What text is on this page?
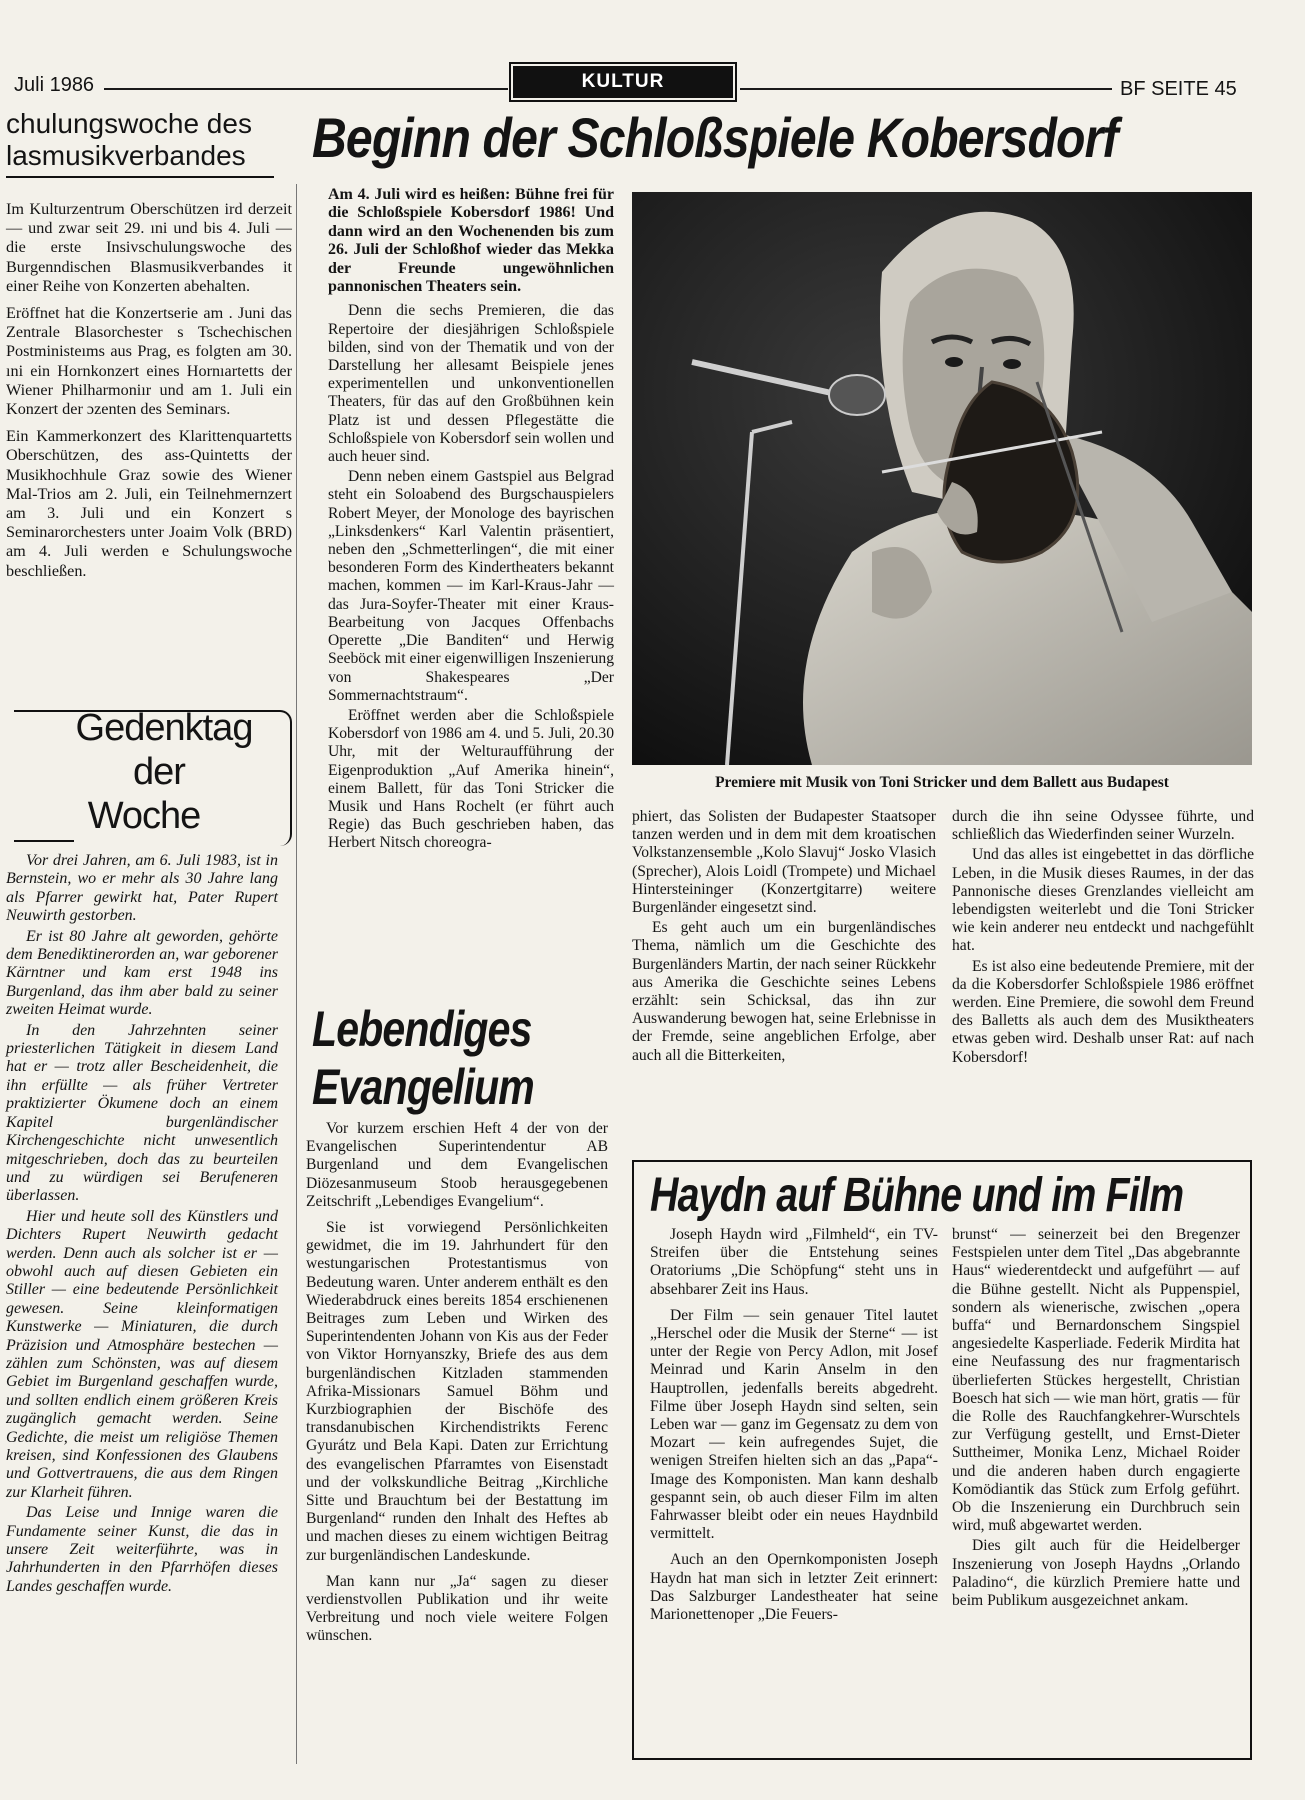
Juli 1986	KULTUR	BF SEITE 45
chulungswoche des
lasmusikverbandes

Im Kulturzentrum Oberschützen ird derzeit — und zwar seit 29. ıni und bis 4. Juli — die erste Insivschulungswoche des Burgenndischen Blasmusikverbandes it einer Reihe von Konzerten abehalten.

Eröffnet hat die Konzertserie am . Juni das Zentrale Blasorchester s Tschechischen Postministeıms aus Prag, es folgten am 30. ıni ein Hornkonzert eines Hornıartetts der Wiener Philharmoniır und am 1. Juli ein Konzert der ɔzenten des Seminars.

Ein Kammerkonzert des Klarittenquartetts Oberschützen, des ass-Quintetts der Musikhochhule Graz sowie des Wiener Mal-Trios am 2. Juli, ein Teilnehmernzert am 3. Juli und ein Konzert s Seminarorchesters unter Joaim Volk (BRD) am 4. Juli werden e Schulungswoche beschließen.

Gedenktag
der
Woche

Vor drei Jahren, am 6. Juli 1983, ist in Bernstein, wo er mehr als 30 Jahre lang als Pfarrer gewirkt hat, Pater Rupert Neuwirth gestorben.

Er ist 80 Jahre alt geworden, gehörte dem Benediktinerorden an, war geborener Kärntner und kam erst 1948 ins Burgenland, das ihm aber bald zu seiner zweiten Heimat wurde.

In den Jahrzehnten seiner priesterlichen Tätigkeit in diesem Land hat er — trotz aller Bescheidenheit, die ihn erfüllte — als früher Vertreter praktizierter Ökumene doch an einem Kapitel burgenländischer Kirchengeschichte nicht unwesentlich mitgeschrieben, doch das zu beurteilen und zu würdigen sei Berufeneren überlassen.

Hier und heute soll des Künstlers und Dichters Rupert Neuwirth gedacht werden. Denn auch als solcher ist er — obwohl auch auf diesen Gebieten ein Stiller — eine bedeutende Persönlichkeit gewesen. Seine kleinformatigen Kunstwerke — Miniaturen, die durch Präzision und Atmosphäre bestechen — zählen zum Schönsten, was auf diesem Gebiet im Burgenland geschaffen wurde, und sollten endlich einem größeren Kreis zugänglich gemacht werden. Seine Gedichte, die meist um religiöse Themen kreisen, sind Konfessionen des Glaubens und Gottvertrauens, die aus dem Ringen zur Klarheit führen.

Das Leise und Innige waren die Fundamente seiner Kunst, die das in unsere Zeit weiterführte, was in Jahrhunderten in den Pfarrhöfen dieses Landes geschaffen wurde.

Beginn der Schloßspiele Kobersdorf

Am 4. Juli wird es heißen: Bühne frei für die Schloßspiele Kobersdorf 1986! Und dann wird an den Wochenenden bis zum 26. Juli der Schloßhof wieder das Mekka der Freunde ungewöhnlichen pannonischen Theaters sein.

Denn die sechs Premieren, die das Repertoire der diesjährigen Schloßspiele bilden, sind von der Thematik und von der Darstellung her allesamt Beispiele jenes experimentellen und unkonventionellen Theaters, für das auf den Großbühnen kein Platz ist und dessen Pflegestätte die Schloßspiele von Kobersdorf sein wollen und auch heuer sind.

Denn neben einem Gastspiel aus Belgrad steht ein Soloabend des Burgschauspielers Robert Meyer, der Monologe des bayrischen „Linksdenkers“ Karl Valentin präsentiert, neben den „Schmetterlingen“, die mit einer besonderen Form des Kindertheaters bekannt machen, kommen — im Karl-Kraus-Jahr — das Jura-Soyfer-Theater mit einer Kraus-Bearbeitung von Jacques Offenbachs Operette „Die Banditen“ und Herwig Seeböck mit einer eigenwilligen Inszenierung von Shakespeares „Der Sommernachtstraum“.

Eröffnet werden aber die Schloßspiele Kobersdorf von 1986 am 4. und 5. Juli, 20.30 Uhr, mit der Welturaufführung der Eigenproduktion „Auf Amerika hinein“, einem Ballett, für das Toni Stricker die Musik und Hans Rochelt (er führt auch Regie) das Buch geschrieben haben, das Herbert Nitsch choreogra-

Premiere mit Musik von Toni Stricker und dem Ballett aus Budapest

phiert, das Solisten der Budapester Staatsoper tanzen werden und in dem mit dem kroatischen Volkstanzensemble „Kolo Slavuj“ Josko Vlasich (Sprecher), Alois Loidl (Trompete) und Michael Hintersteininger (Konzertgitarre) weitere Burgenländer eingesetzt sind.

Es geht auch um ein burgenländisches Thema, nämlich um die Geschichte des Burgenländers Martin, der nach seiner Rückkehr aus Amerika die Geschichte seines Lebens erzählt: sein Schicksal, das ihn zur Auswanderung bewogen hat, seine Erlebnisse in der Fremde, seine angeblichen Erfolge, aber auch all die Bitterkeiten,

durch die ihn seine Odyssee führte, und schließlich das Wiederfinden seiner Wurzeln.

Und das alles ist eingebettet in das dörfliche Leben, in die Musik dieses Raumes, in der das Pannonische dieses Grenzlandes vielleicht am lebendigsten weiterlebt und die Toni Stricker wie kein anderer neu entdeckt und nachgefühlt hat.

Es ist also eine bedeutende Premiere, mit der da die Kobersdorfer Schloßspiele 1986 eröffnet werden. Eine Premiere, die sowohl dem Freund des Balletts als auch dem des Musiktheaters etwas geben wird. Deshalb unser Rat: auf nach Kobersdorf!

Lebendiges
Evangelium

Vor kurzem erschien Heft 4 der von der Evangelischen Superintendentur AB Burgenland und dem Evangelischen Diözesanmuseum Stoob herausgegebenen Zeitschrift „Lebendiges Evangelium“.

Sie ist vorwiegend Persönlichkeiten gewidmet, die im 19. Jahrhundert für den westungarischen Protestantismus von Bedeutung waren. Unter anderem enthält es den Wiederabdruck eines bereits 1854 erschienenen Beitrages zum Leben und Wirken des Superintendenten Johann von Kis aus der Feder von Viktor Hornyanszky, Briefe des aus dem burgenländischen Kitzladen stammenden Afrika-Missionars Samuel Böhm und Kurzbiographien der Bischöfe des transdanubischen Kirchendistrikts Ferenc Gyurátz und Bela Kapi. Daten zur Errichtung des evangelischen Pfarramtes von Eisenstadt und der volkskundliche Beitrag „Kirchliche Sitte und Brauchtum bei der Bestattung im Burgenland“ runden den Inhalt des Heftes ab und machen dieses zu einem wichtigen Beitrag zur burgenländischen Landeskunde.

Man kann nur „Ja“ sagen zu dieser verdienstvollen Publikation und ihr weite Verbreitung und noch viele weitere Folgen wünschen.

Haydn auf Bühne und im Film

Joseph Haydn wird „Filmheld“, ein TV-Streifen über die Entstehung seines Oratoriums „Die Schöpfung“ steht uns in absehbarer Zeit ins Haus.

Der Film — sein genauer Titel lautet „Herschel oder die Musik der Sterne“ — ist unter der Regie von Percy Adlon, mit Josef Meinrad und Karin Anselm in den Hauptrollen, jedenfalls bereits abgedreht. Filme über Joseph Haydn sind selten, sein Leben war — ganz im Gegensatz zu dem von Mozart — kein aufregendes Sujet, die wenigen Streifen hielten sich an das „Papa“-Image des Komponisten. Man kann deshalb gespannt sein, ob auch dieser Film im alten Fahrwasser bleibt oder ein neues Haydnbild vermittelt.

Auch an den Opernkomponisten Joseph Haydn hat man sich in letzter Zeit erinnert: Das Salzburger Landestheater hat seine Marionettenoper „Die Feuers-

brunst“ — seinerzeit bei den Bregenzer Festspielen unter dem Titel „Das abgebrannte Haus“ wiederentdeckt und aufgeführt — auf die Bühne gestellt. Nicht als Puppenspiel, sondern als wienerische, zwischen „opera buffa“ und Bernardonschem Singspiel angesiedelte Kasperliade. Federik Mirdita hat eine Neufassung des nur fragmentarisch überlieferten Stückes hergestellt, Christian Boesch hat sich — wie man hört, gratis — für die Rolle des Rauchfangkehrer-Wurschtels zur Verfügung gestellt, und Ernst-Dieter Suttheimer, Monika Lenz, Michael Roider und die anderen haben durch engagierte Komödiantik das Stück zum Erfolg geführt. Ob die Inszenierung ein Durchbruch sein wird, muß abgewartet werden.

Dies gilt auch für die Heidelberger Inszenierung von Joseph Haydns „Orlando Paladino“, die kürzlich Premiere hatte und beim Publikum ausgezeichnet ankam.
